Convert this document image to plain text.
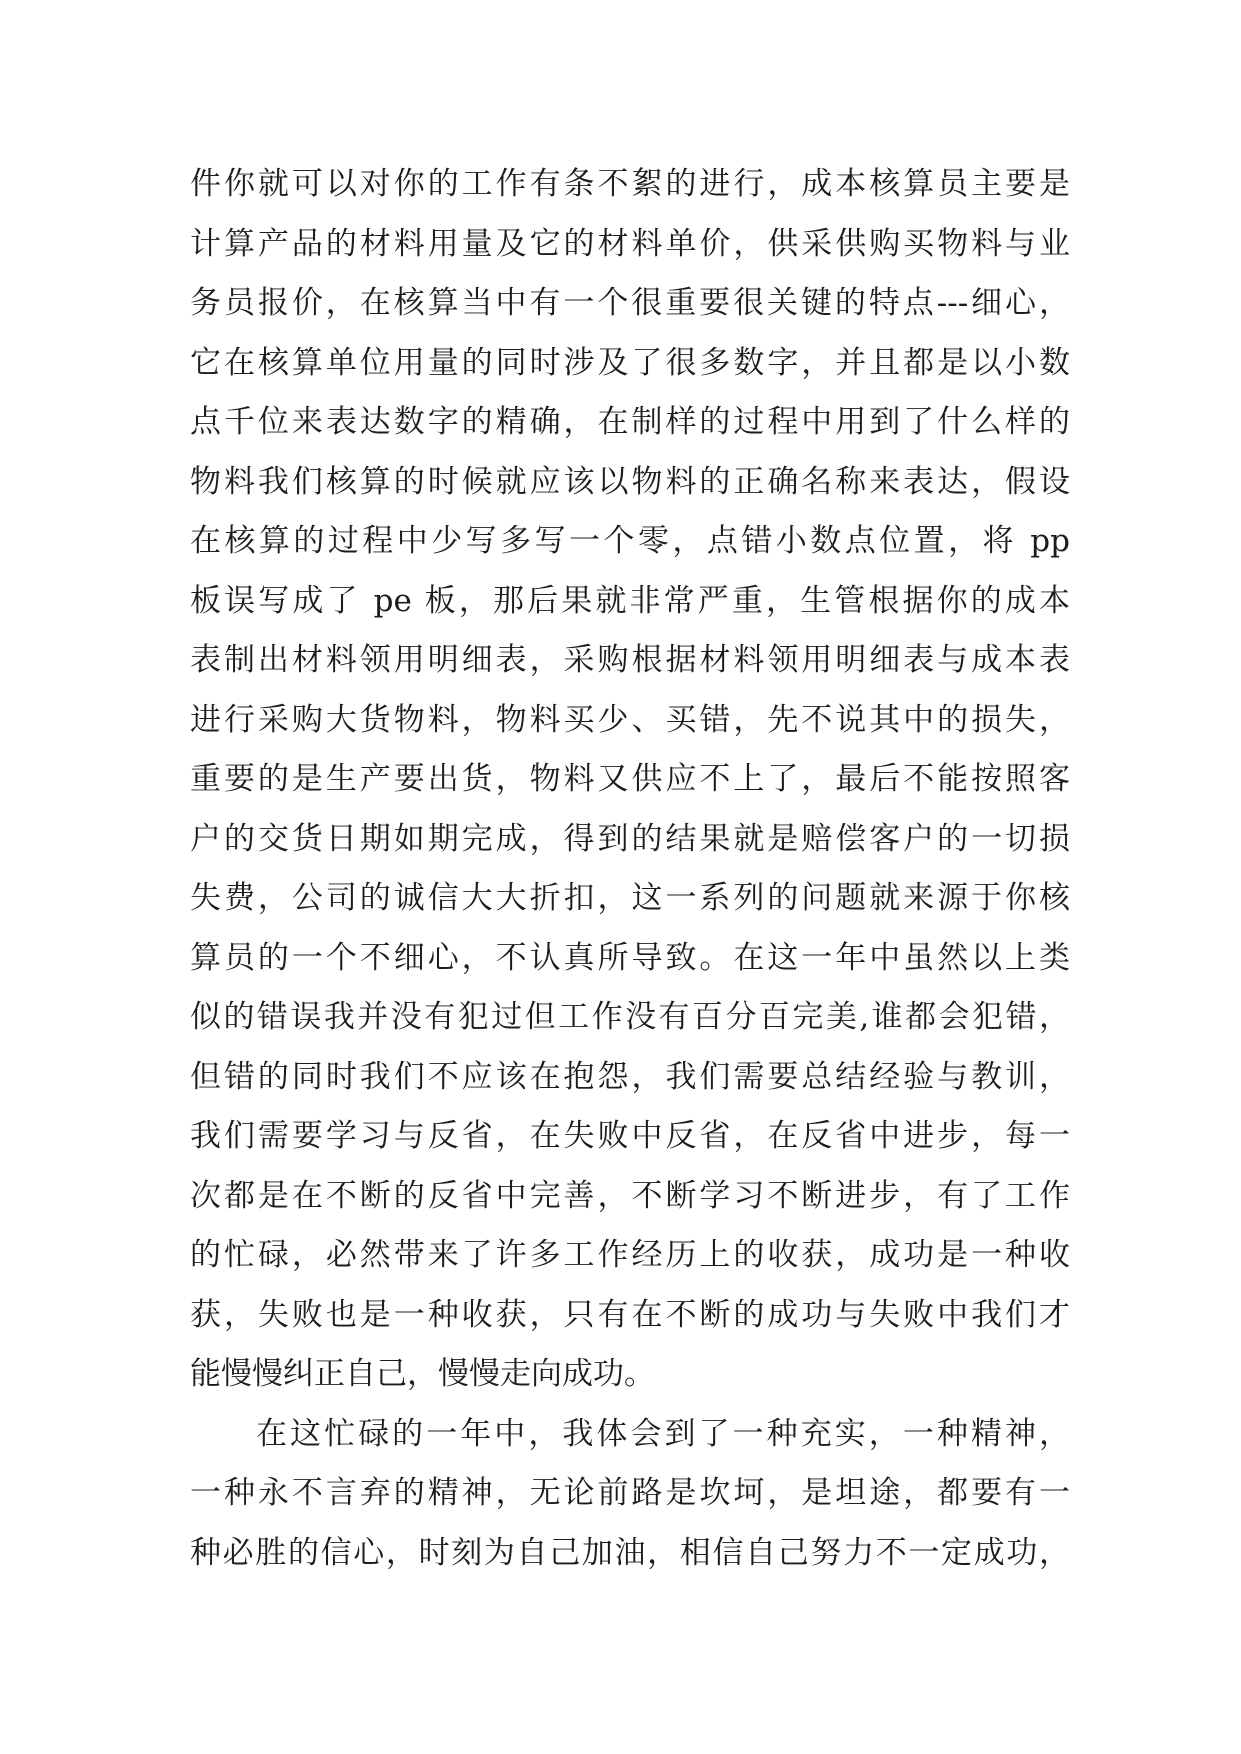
件你就可以对你的工作有条不絮的进行，成本核算员主要是
计算产品的材料用量及它的材料单价，供采供购买物料与业
务员报价，在核算当中有一个很重要很关键的特点---细心，
它在核算单位用量的同时涉及了很多数字，并且都是以小数
点千位来表达数字的精确，在制样的过程中用到了什么样的
物料我们核算的时候就应该以物料的正确名称来表达，假设
在核算的过程中少写多写一个零，点错小数点位置，将 pp
板误写成了 pe 板，那后果就非常严重，生管根据你的成本
表制出材料领用明细表，采购根据材料领用明细表与成本表
进行采购大货物料，物料买少、买错，先不说其中的损失，
重要的是生产要出货，物料又供应不上了，最后不能按照客
户的交货日期如期完成，得到的结果就是赔偿客户的一切损
失费，公司的诚信大大折扣，这一系列的问题就来源于你核
算员的一个不细心，不认真所导致。在这一年中虽然以上类
似的错误我并没有犯过但工作没有百分百完美,谁都会犯错，
但错的同时我们不应该在抱怨，我们需要总结经验与教训，
我们需要学习与反省，在失败中反省，在反省中进步，每一
次都是在不断的反省中完善，不断学习不断进步，有了工作
的忙碌，必然带来了许多工作经历上的收获，成功是一种收
获，失败也是一种收获，只有在不断的成功与失败中我们才
能慢慢纠正自己，慢慢走向成功。
在这忙碌的一年中，我体会到了一种充实，一种精神，
一种永不言弃的精神，无论前路是坎坷，是坦途，都要有一
种必胜的信心，时刻为自己加油，相信自己努力不一定成功，
